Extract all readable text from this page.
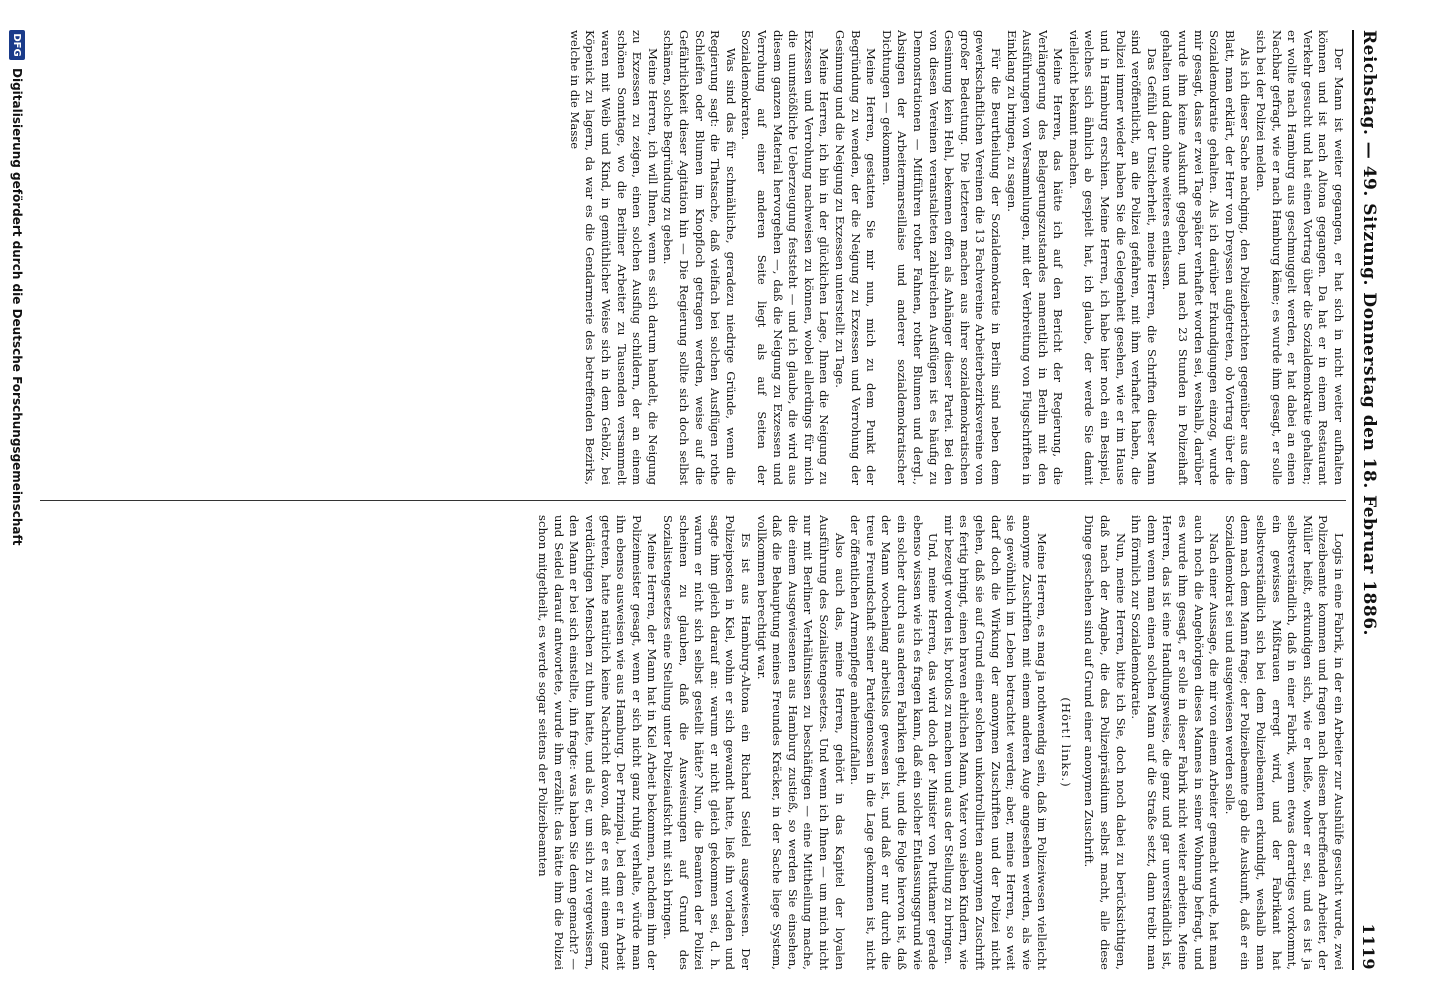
Reichstag. — 49. Sitzung. Donnerstag den 18. Februar 1886.
1119

Der Mann ist weiter gegangen, er hat sich in nicht weiter aufhalten können und ist nach Altona gegangen. Da hat er in einem Restaurant Verkehr gesucht und hat einen Vortrag über die Sozialdemokratie gehalten; er wollte nach Hamburg aus geschmuggelt werden, er hat dabei an einen Nachbar gefragt, wie er nach Hamburg käme; es wurde ihm gesagt, er solle sich bei der Polizei melden.

Als ich dieser Sache nachging, den Polizeiberichten gegenüber aus dem Blatt, man erklärt, der Herr von Dreyssen aufgetreten, ob Vortrag über die Sozialdemokratie gehalten. Als ich darüber Erkundigungen einzog, wurde mir gesagt, dass er zwei Tage später verhaftet worden sei, weshalb, darüber wurde ihm keine Auskunft gegeben, und nach 23 Stunden in Polizeihaft gehalten und dann ohne weiteres entlassen.

Das Gefühl der Unsicherheit, meine Herren, die Schriften dieser Mann sind veröffentlicht, an die Polizei gefahren, mit ihm verhaftet haben, die Polizei immer wieder haben Sie die Gelegenheit gesehen, wie er im Hause und in Hamburg erschien. Meine Herren, ich habe hier noch ein Beispiel, welches sich ähnlich ab gespielt hat, ich glaube, der werde Sie damit vielleicht bekannt machen.

Meine Herren, das hätte ich auf den Bericht der Regierung, die Verlängerung des Belagerungszustandes namentlich in Berlin mit den Ausführungen von Versammlungen, mit der Verbreitung von Flugschriften in Einklang zu bringen, zu sagen.

Für die Beurtheilung der Sozialdemokratie in Berlin sind neben dem gewerkschaftlichen Vereinen die 13 Fachvereine Arbeiterbezirksvereine von großer Bedeutung. Die letzteren machen aus ihrer sozialdemokratischen Gesinnung kein Hehl, bekennen offen als Anhänger dieser Partei. Bei den von diesen Vereinen veranstalteten zahlreichen Ausflügen ist es häufig zu Demonstrationen — Mitführen rother Fahnen, rother Blumen und dergl., Absingen der Arbeitermarseillaise und anderer sozialdemokratischer Dichtungen — gekommen.

Meine Herren, gestatten Sie mir nun, mich zu dem Punkt der Begründung zu wenden, der die Neigung zu Exzessen und Verrohung der Gesinnung und die Neigung zu Exzessen unterstellt zu Tage.

Meine Herren, ich bin in der glücklichen Lage, Ihnen die Neigung zu Exzessen und Verrohung nachweisen zu können, wobei allerdings für mich die unumstößliche Ueberzeugung feststeht — und ich glaube, die wird aus diesem ganzen Material hervorgehen —, daß die Neigung zu Exzessen und Verrohung auf einer anderen Seite liegt als auf Seiten der Sozialdemokraten.

Was sind das für schmähliche, geradezu niedrige Gründe, wenn die Regierung sagt: die Thatsache, daß vielfach bei solchen Ausflügen rothe Schleifen oder Blumen im Knopfloch getragen werden, weise auf die Gefährlichkeit dieser Agitation hin — Die Regierung sollte sich doch selbst schämen, solche Begründung zu geben.

Meine Herren, ich will Ihnen, wenn es sich darum handelt, die Neigung zu Exzessen zu zeigen, einen solchen Ausflug schildern, der an einem schönen Sonntage, wo die Berliner Arbeiter zu Tausenden versammelt waren mit Weib und Kind, in gemüthlicher Weise sich in dem Gehölz, bei Köpenick zu lagern, da war es die Gendarmerie des betreffenden Bezirks, welche in die Masse

Logis in eine Fabrik, in der ein Arbeiter zur Aushülfe gesucht wurde, zwei Polizeibeamte kommen und fragen nach diesem betreffenden Arbeiter, der Müller heißt, erkundigen sich, wie er heiße, woher er sei, und es ist ja selbstverständlich, daß in einer Fabrik, wenn etwas derartiges vorkommt, ein gewisses Mißtrauen erregt wird, und der Fabrikant hat selbstverständlich sich bei dem Polizeibeamten erkundigt, weshalb man denn nach dem Mann frage; der Polizeibeamte gab die Auskunft, daß er ein Sozialdemokrat sei und ausgewiesen werden solle.

Nach einer Aussage, die mir von einem Arbeiter gemacht wurde, hat man auch noch die Angehörigen dieses Mannes in seiner Wohnung befragt, und es wurde ihm gesagt, er solle in dieser Fabrik nicht weiter arbeiten. Meine Herren, das ist eine Handlungsweise, die ganz und gar unverständlich ist, denn wenn man einen solchen Mann auf die Straße setzt, dann treibt man ihn förmlich zur Sozialdemokratie.

Nun, meine Herren, bitte ich Sie, doch noch dabei zu berücksichtigen, daß nach der Angabe, die das Polizeipräsidium selbst macht, alle diese Dinge geschehen sind auf Grund einer anonymen Zuschrift.

(Hört! links.)

Meine Herren, es mag ja nothwendig sein, daß im Polizeiwesen vielleicht anonyme Zuschriften mit einem anderen Auge angesehen werden, als wie sie gewöhnlich im Leben betrachtet werden; aber, meine Herren, so weit darf doch die Wirkung der anonymen Zuschriften und der Polizei nicht gehen, daß sie auf Grund einer solchen unkontrollirten anonymen Zuschrift es fertig bringt, einen braven ehrlichen Mann, Vater von sieben Kindern, wie mir bezeugt worden ist, brotlos zu machen und aus der Stellung zu bringen.

Und, meine Herren, das wird doch der Minister von Puttkamer gerade ebenso wissen wie ich es fragen kann, daß ein solcher Entlassungsgrund wie ein solcher durch aus anderen Fabriken geht, und die Folge hiervon ist, daß der Mann wochenlang arbeitslos gewesen ist, und daß er nur durch die treue Freundschaft seiner Parteigenossen in die Lage gekommen ist, nicht der öffentlichen Armenpflege anheimzufallen.

Also auch das, meine Herren, gehört in das Kapitel der loyalen Ausführung des Sozialistengesetzes. Und wenn ich Ihnen — um mich nicht nur mit Berliner Verhältnissen zu beschäftigen — eine Mittheilung mache, die einem Ausgewiesenen aus Hamburg zustieß, so werden Sie einsehen, daß die Behauptung meines Freundes Kräcker, in der Sache liege System, vollkommen berechtigt war.

Es ist aus Hamburg-Altona ein Richard Seidel ausgewiesen. Der Polizeiposten in Kiel, wohin er sich gewandt hatte, ließ ihn vorladen und sagte ihm gleich darauf an: warum er nicht gleich gekommen sei, d. h. warum er nicht sich selbst gestellt hätte? Nun, die Beamten der Polizei scheinen zu glauben, daß die Ausweisungen auf Grund des Sozialistengesetzes eine Stellung unter Polizeiaufsicht mit sich bringen.

Meine Herren, der Mann hat in Kiel Arbeit bekommen, nachdem ihm der Polizeimeister gesagt, wenn er sich nicht ganz ruhig verhalte, würde man ihn ebenso ausweisen wie aus Hamburg. Der Prinzipal, bei dem er in Arbeit getreten, hatte natürlich keine Nachricht davon, daß er es mit einem ganz verdächtigen Menschen zu thun hatte, und als er, um sich zu vergewissern, den Mann er bei sich einstellte, ihn fragte: was haben Sie denn gemacht? — und Seidel darauf antwortete, wurde ihm erzählt: das hätte ihm die Polizei schon mitgetheilt, es werde sogar seitens der Polizeibeamten

DFG
Digitalisierung gefördert durch die Deutsche Forschungsgemeinschaft
